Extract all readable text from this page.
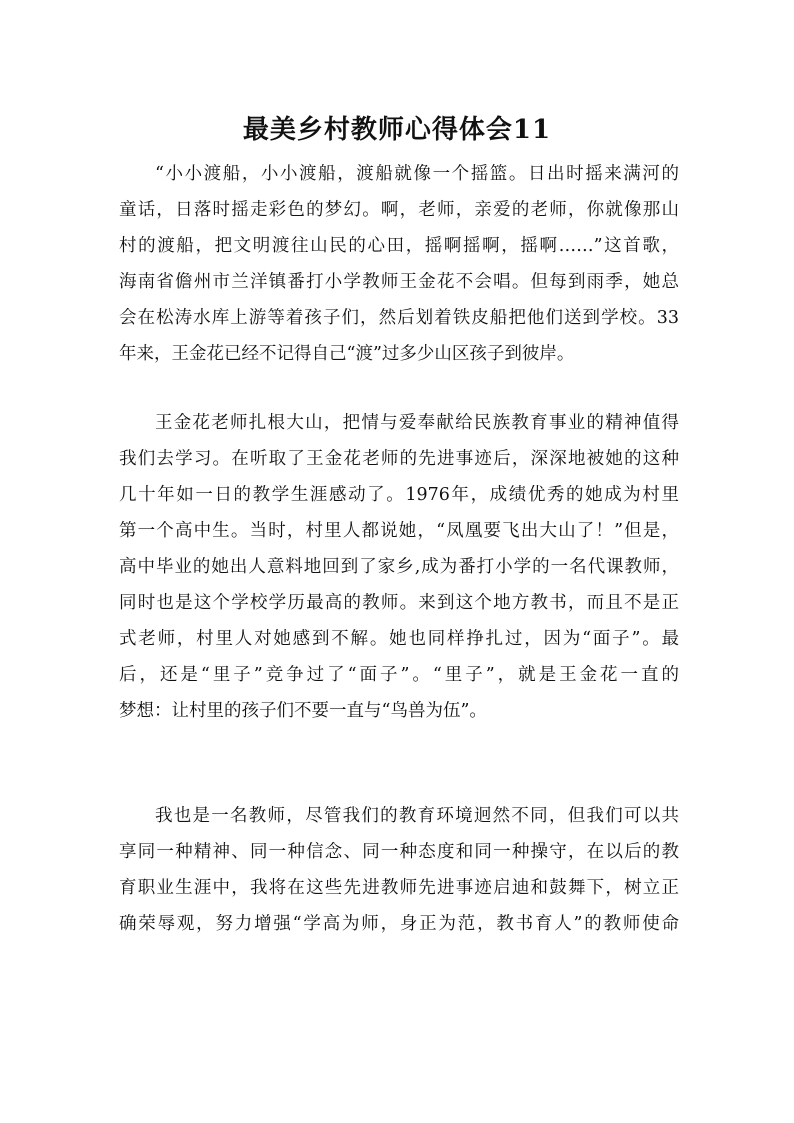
最美乡村教师心得体会11
“小小渡船，小小渡船，渡船就像一个摇篮。日出时摇来满河的
童话，日落时摇走彩色的梦幻。啊，老师，亲爱的老师，你就像那山
村的渡船，把文明渡往山民的心田，摇啊摇啊，摇啊……”这首歌，
海南省儋州市兰洋镇番打小学教师王金花不会唱。但每到雨季，她总
会在松涛水库上游等着孩子们，然后划着铁皮船把他们送到学校。33
年来，王金花已经不记得自己“渡”过多少山区孩子到彼岸。
王金花老师扎根大山，把情与爱奉献给民族教育事业的精神值得
我们去学习。在听取了王金花老师的先进事迹后，深深地被她的这种
几十年如一日的教学生涯感动了。1976年，成绩优秀的她成为村里
第一个高中生。当时，村里人都说她，“凤凰要飞出大山了！”但是，
高中毕业的她出人意料地回到了家乡,成为番打小学的一名代课教师，
同时也是这个学校学历最高的教师。来到这个地方教书，而且不是正
式老师，村里人对她感到不解。她也同样挣扎过，因为“面子”。最
后，还是“里子”竞争过了“面子”。“里子”，就是王金花一直的
梦想：让村里的孩子们不要一直与“鸟兽为伍”。
我也是一名教师，尽管我们的教育环境迥然不同，但我们可以共
享同一种精神、同一种信念、同一种态度和同一种操守，在以后的教
育职业生涯中，我将在这些先进教师先进事迹启迪和鼓舞下，树立正
确荣辱观，努力增强“学高为师，身正为范，教书育人”的教师使命
